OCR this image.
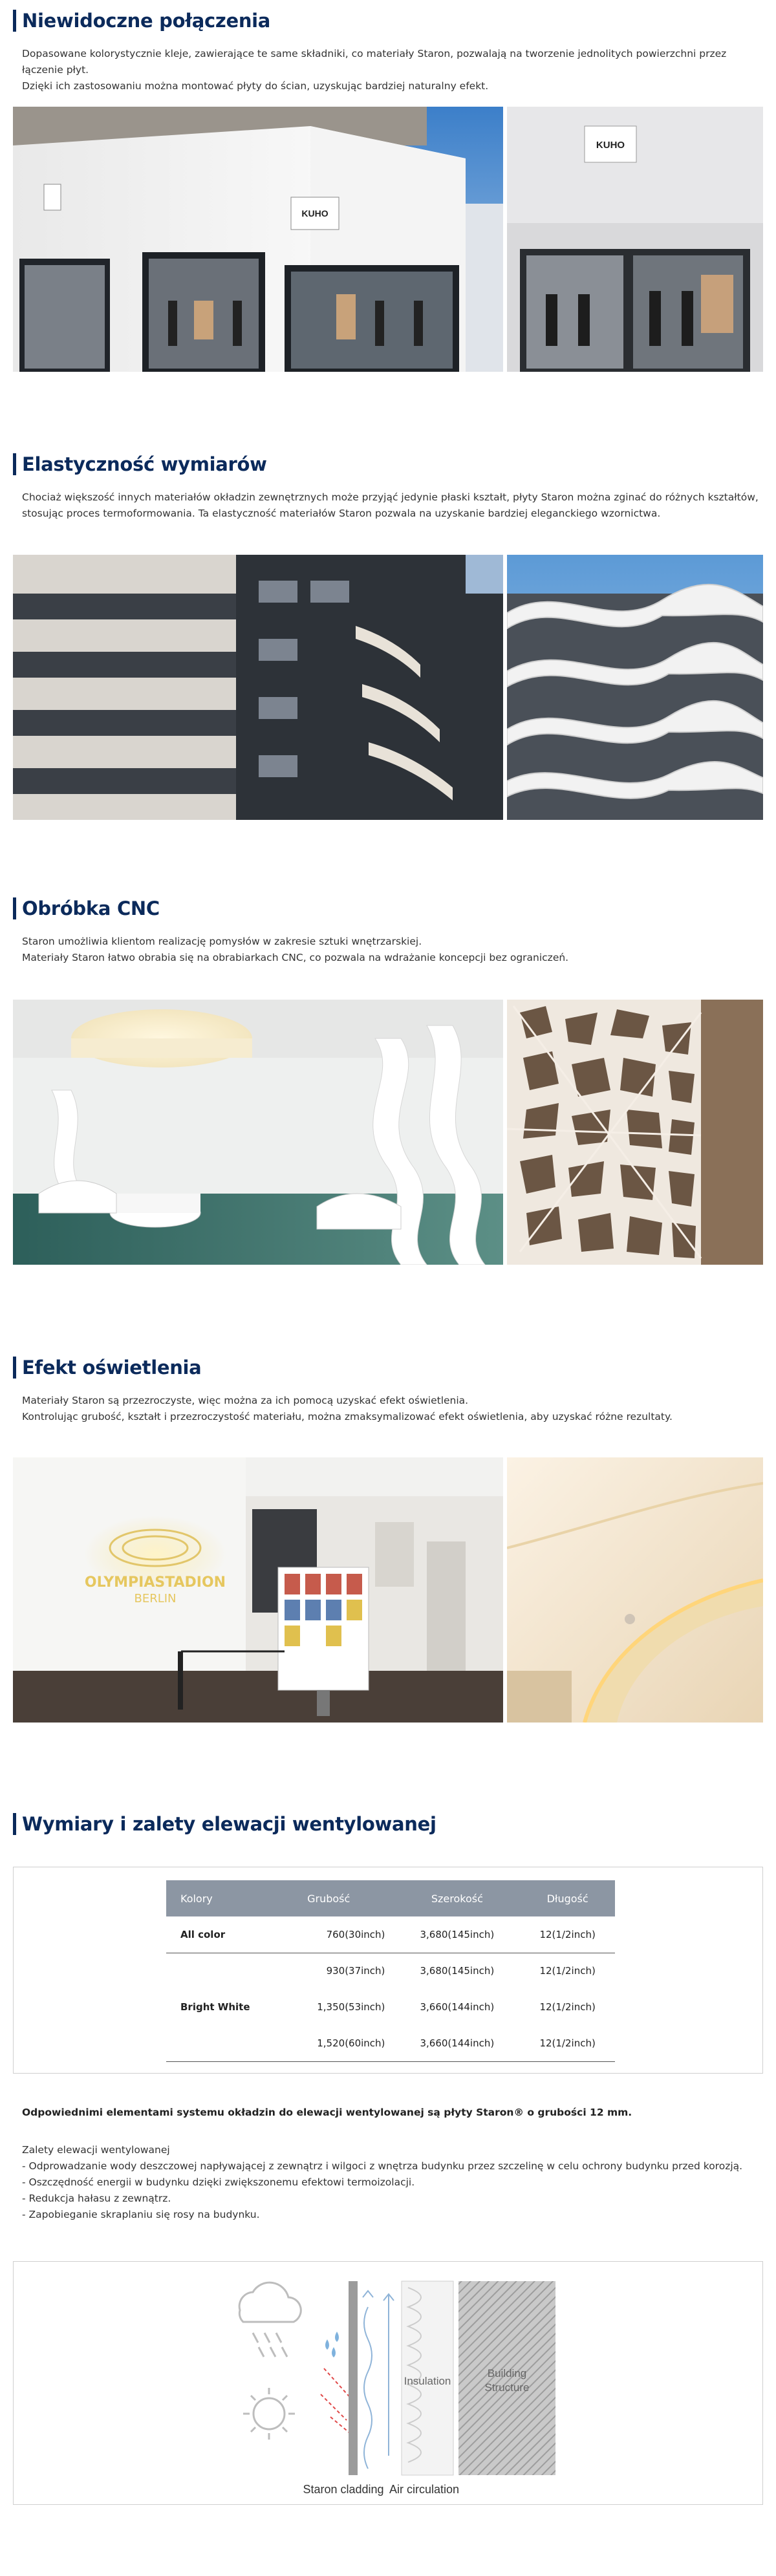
Niewidoczne połączenia
Dopasowane kolorystycznie kleje, zawierające te same składniki, co materiały Staron, pozwalają na tworzenie jednolitych powierzchni przez łączenie płyt.
Dzięki ich zastosowaniu można montować płyty do ścian, uzyskując bardziej naturalny efekt.
KUHO
KUHO
Elastyczność wymiarów
Chociaż większość innych materiałów okładzin zewnętrznych może przyjąć jedynie płaski kształt, płyty Staron można zginać do różnych kształtów,
stosując proces termoformowania. Ta elastyczność materiałów Staron pozwala na uzyskanie bardziej eleganckiego wzornictwa.
Obróbka CNC
Staron umożliwia klientom realizację pomysłów w zakresie sztuki wnętrzarskiej.
Materiały Staron łatwo obrabia się na obrabiarkach CNC, co pozwala na wdrażanie koncepcji bez ograniczeń.
Efekt oświetlenia
Materiały Staron są przezroczyste, więc można za ich pomocą uzyskać efekt oświetlenia.
Kontrolując grubość, kształt i przezroczystość materiału, można zmaksymalizować efekt oświetlenia, aby uzyskać różne rezultaty.
OLYMPIASTADION
BERLIN
Wymiary i zalety elewacji wentylowanej
Kolory	Grubość	Szerokość	Długość
All color	760(30inch)	3,680(145inch)	12(1/2inch)
	930(37inch)	3,680(145inch)	12(1/2inch)
Bright White	1,350(53inch)	3,660(144inch)	12(1/2inch)
	1,520(60inch)	3,660(144inch)	12(1/2inch)
Odpowiednimi elementami systemu okładzin do elewacji wentylowanej są płyty Staron® o grubości 12 mm.
Zalety elewacji wentylowanej
- Odprowadzanie wody deszczowej napływającej z zewnątrz i wilgoci z wnętrza budynku przez szczelinę w celu ochrony budynku przed korozją.
- Oszczędność energii w budynku dzięki zwiększonemu efektowi termoizolacji.
- Redukcja hałasu z zewnątrz.
- Zapobieganie skraplaniu się rosy na budynku.
Insulation
Building
Structure
Staron cladding Air circulation
